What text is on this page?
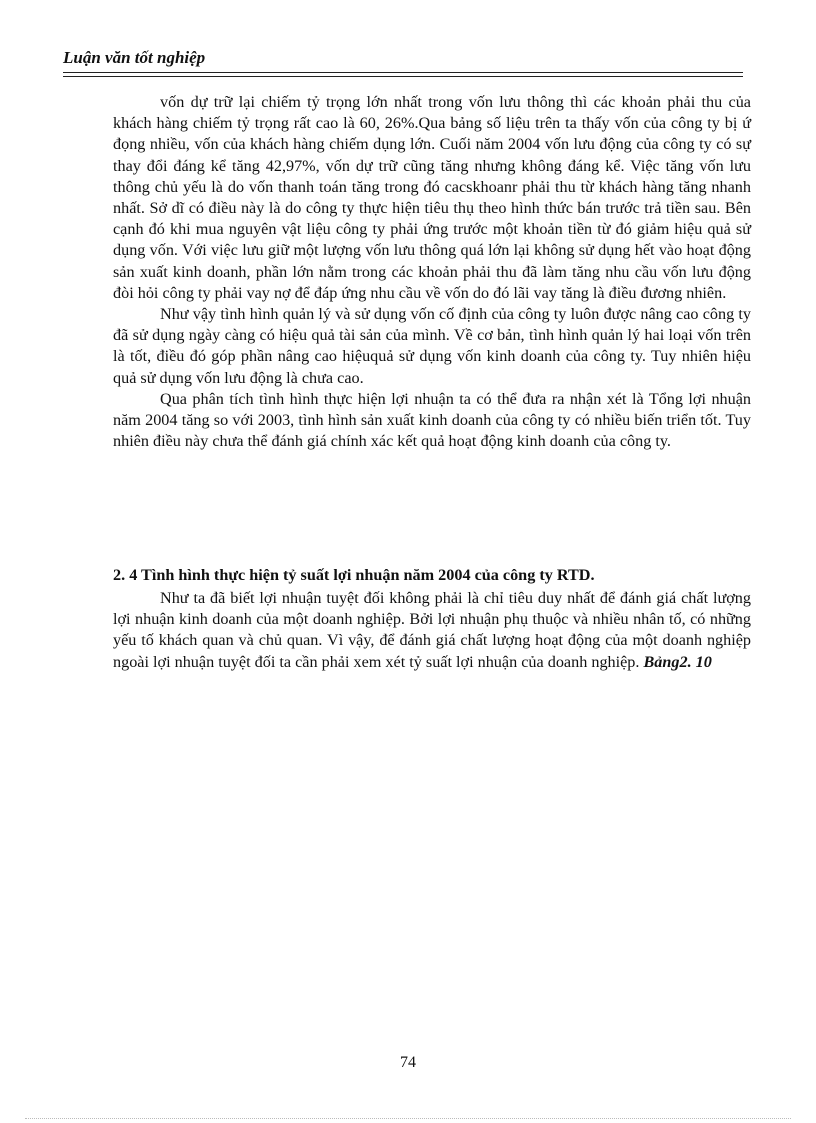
Luận văn tốt nghiệp

vốn dự trữ lại chiếm tỷ trọng lớn nhất trong vốn lưu thông thì các khoản phải thu của khách hàng chiếm tỷ trọng rất cao là 60, 26%.Qua bảng số liệu trên ta thấy vốn của công ty bị ứ đọng nhiều, vốn của khách hàng chiếm dụng lớn. Cuối năm 2004 vốn lưu động của công ty có sự thay đổi đáng kể tăng 42,97%, vốn dự trữ cũng tăng nhưng không đáng kể. Việc tăng vốn lưu thông chủ yếu là do vốn thanh toán tăng trong đó cacskhoanr phải thu từ khách hàng tăng nhanh nhất. Sở dĩ có điều này là do công ty thực hiện tiêu thụ theo hình thức bán trước trả tiền sau. Bên cạnh đó khi mua nguyên vật liệu công ty phải ứng trước một khoản tiền từ đó giảm hiệu quả sử dụng vốn. Với việc lưu giữ một lượng vốn lưu thông quá lớn lại không sử dụng hết vào hoạt động sản xuất kinh doanh, phần lớn nằm trong các khoản phải thu đã làm tăng nhu cầu vốn lưu động đòi hỏi công ty phải vay nợ để đáp ứng nhu cầu về vốn do đó lãi vay tăng là điều đương nhiên.

Như vậy tình hình quản lý và sử dụng vốn cố định của công ty luôn được nâng cao công ty đã sử dụng ngày càng có hiệu quả tài sản của mình. Về cơ bản, tình hình quản lý hai loại vốn trên là tốt, điều đó góp phần nâng cao hiệuquả sử dụng vốn kinh doanh của công ty. Tuy nhiên hiệu quả sử dụng vốn lưu động là chưa cao.

Qua phân tích tình hình thực hiện lợi nhuận ta có thể đưa ra nhận xét là Tổng lợi nhuận năm 2004 tăng so với 2003, tình hình sản xuất kinh doanh của công ty có nhiều biến triển tốt. Tuy nhiên điều này chưa thể đánh giá chính xác kết quả hoạt động kinh doanh của công ty.

2. 4 Tình hình thực hiện tỷ suất lợi nhuận năm 2004 của công ty RTD.

Như ta đã biết lợi nhuận tuyệt đối không phải là chỉ tiêu duy nhất để đánh giá chất lượng lợi nhuận kinh doanh của một doanh nghiệp. Bởi lợi nhuận phụ thuộc và nhiều nhân tố, có những yếu tố khách quan và chủ quan. Vì vậy, để đánh giá chất lượng hoạt động của một doanh nghiệp ngoài lợi nhuận tuyệt đối ta cần phải xem xét tỷ suất lợi nhuận của doanh nghiệp. Bảng2. 10

74
